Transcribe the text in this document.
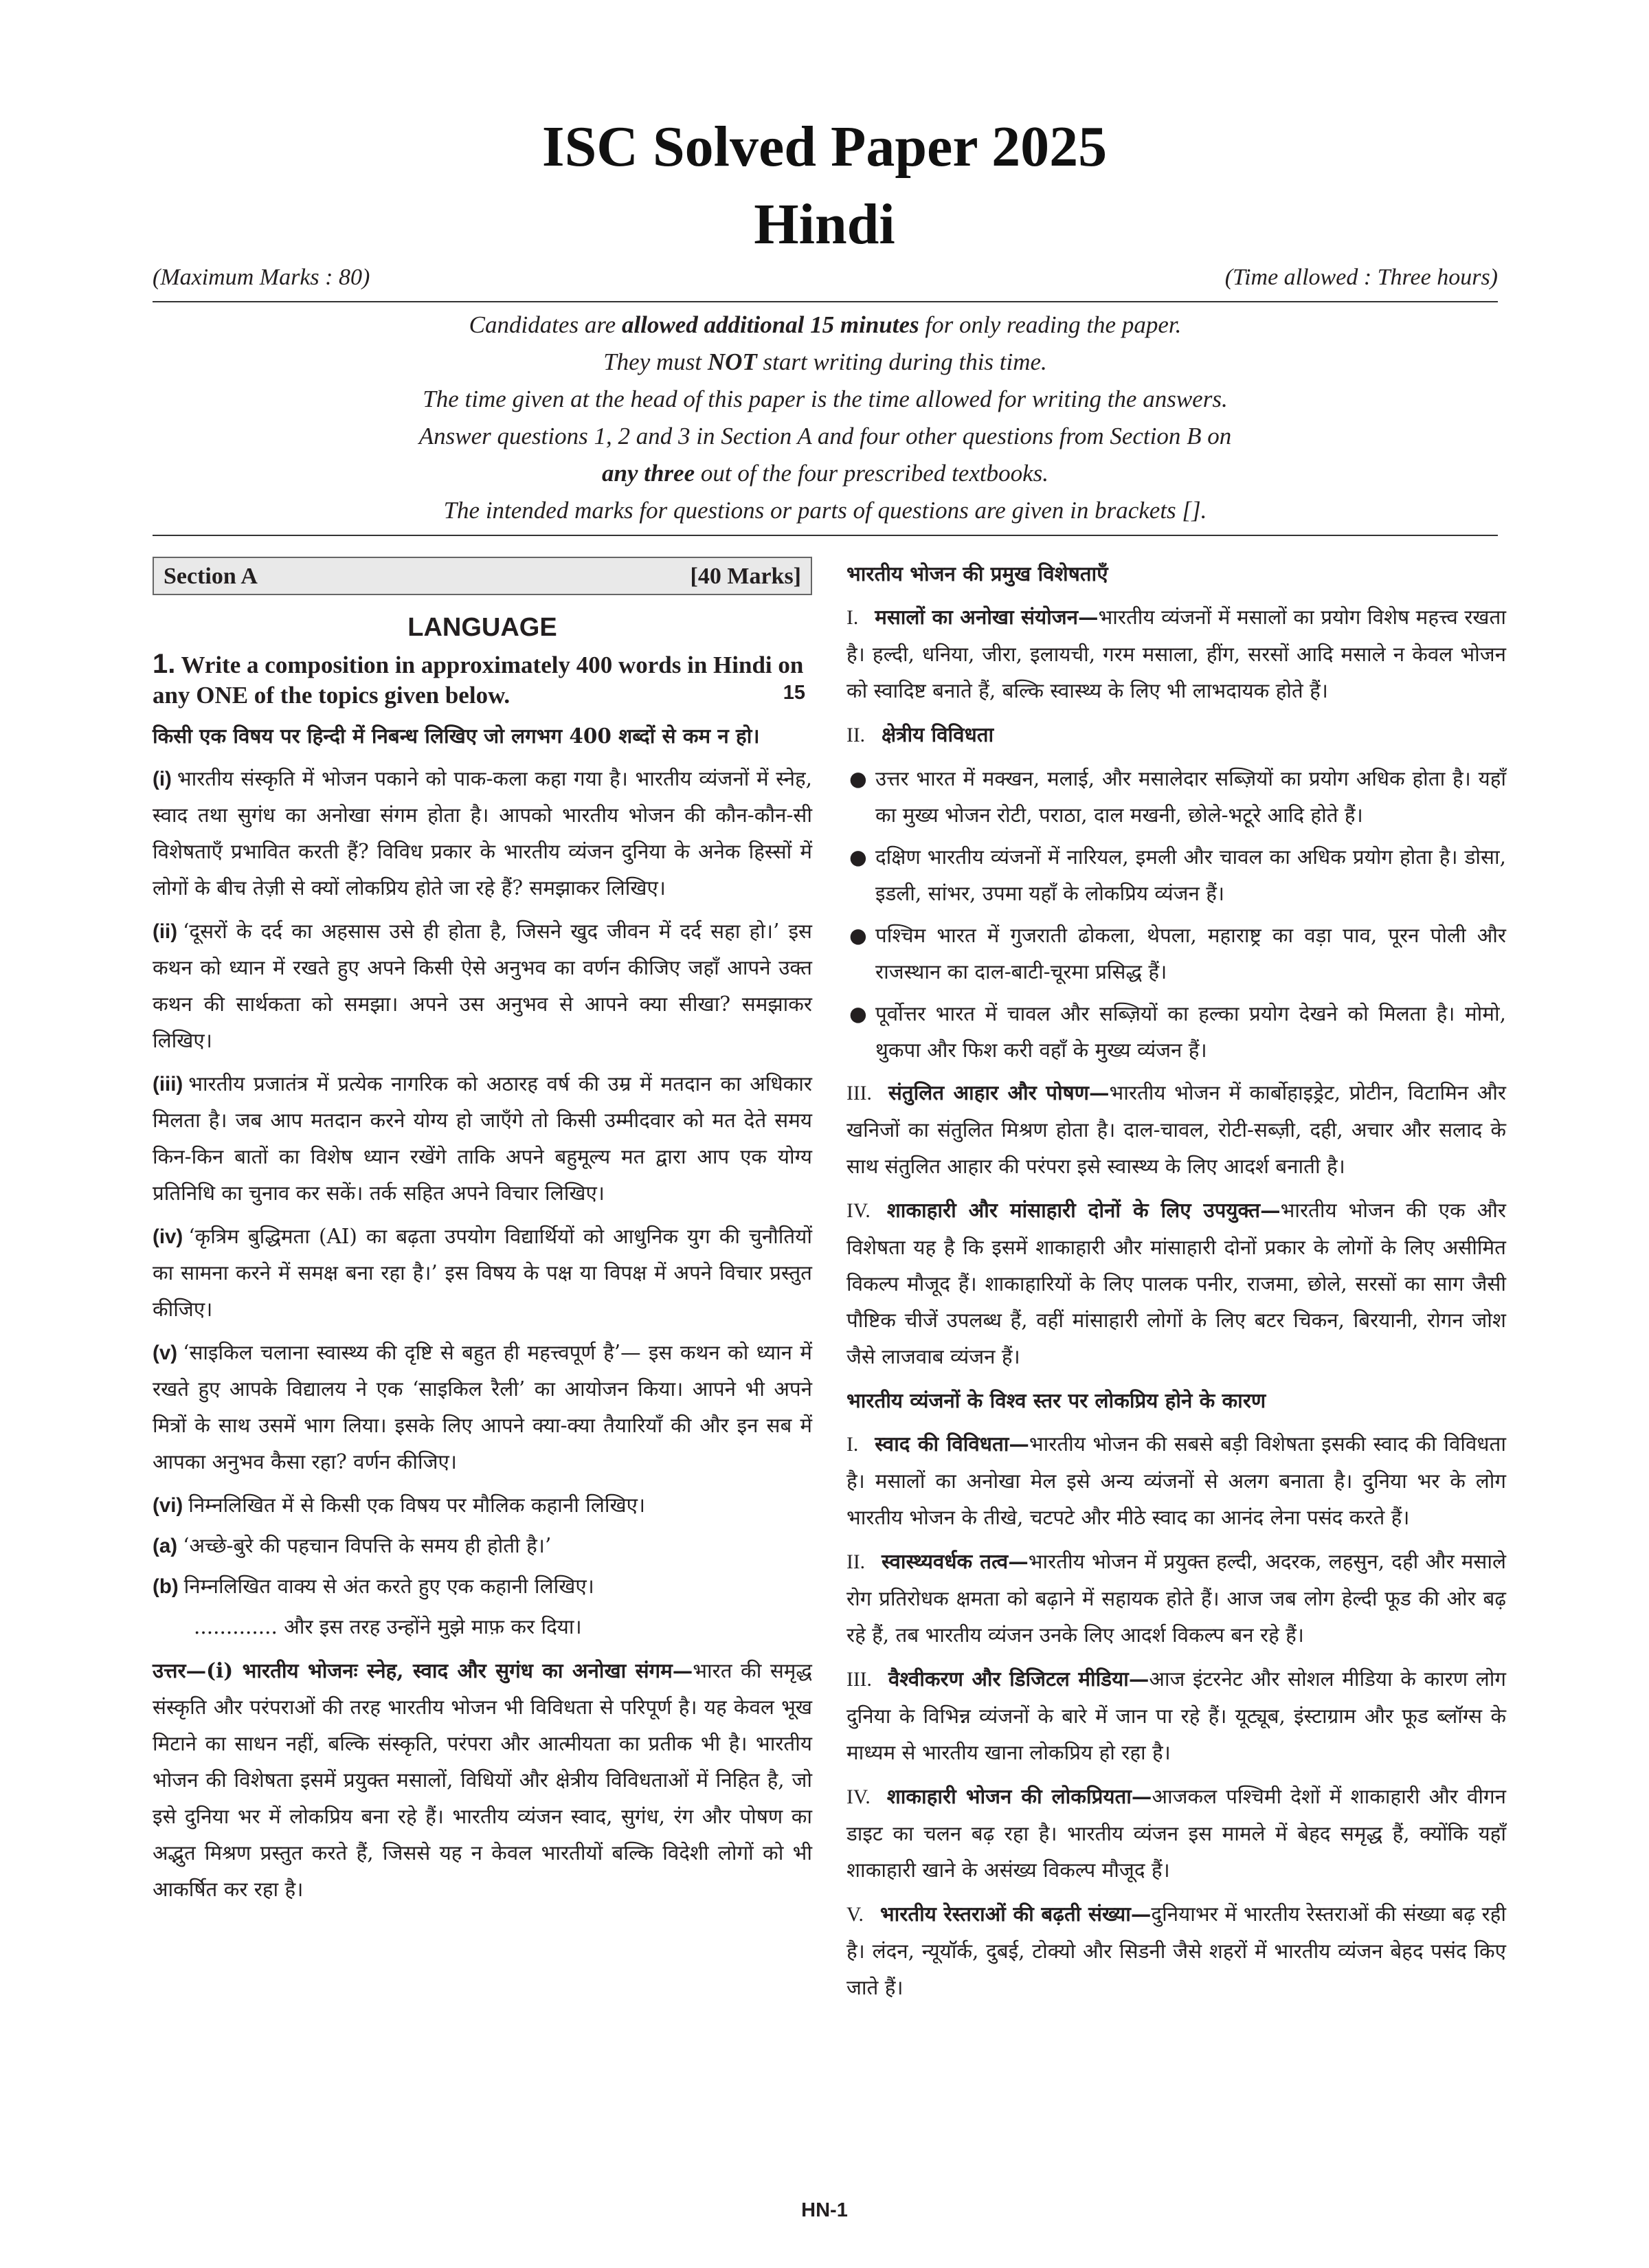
ISC Solved Paper 2025
Hindi
(Maximum Marks : 80)	(Time allowed : Three hours)
Candidates are allowed additional 15 minutes for only reading the paper.
They must NOT start writing during this time.
The time given at the head of this paper is the time allowed for writing the answers.
Answer questions 1, 2 and 3 in Section A and four other questions from Section B on
any three out of the four prescribed textbooks.
The intended marks for questions or parts of questions are given in brackets [].
Section A	[40 Marks]
LANGUAGE
1. Write a composition in approximately 400 words in Hindi on any ONE of the topics given below.	15

किसी एक विषय पर हिन्दी में निबन्ध लिखिए जो लगभग 400 शब्दों से कम न हो।

(i) भारतीय संस्कृति में भोजन पकाने को पाक-कला कहा गया है। भारतीय व्यंजनों में स्नेह, स्वाद तथा सुगंध का अनोखा संगम होता है। आपको भारतीय भोजन की कौन-कौन-सी विशेषताएँ प्रभावित करती हैं? विविध प्रकार के भारतीय व्यंजन दुनिया के अनेक हिस्सों में लोगों के बीच तेज़ी से क्यों लोकप्रिय होते जा रहे हैं? समझाकर लिखिए।

(ii) ‘दूसरों के दर्द का अहसास उसे ही होता है, जिसने खुद जीवन में दर्द सहा हो।’ इस कथन को ध्यान में रखते हुए अपने किसी ऐसे अनुभव का वर्णन कीजिए जहाँ आपने उक्त कथन की सार्थकता को समझा। अपने उस अनुभव से आपने क्या सीखा? समझाकर लिखिए।

(iii) भारतीय प्रजातंत्र में प्रत्येक नागरिक को अठारह वर्ष की उम्र में मतदान का अधिकार मिलता है। जब आप मतदान करने योग्य हो जाएँगे तो किसी उम्मीदवार को मत देते समय किन-किन बातों का विशेष ध्यान रखेंगे ताकि अपने बहुमूल्य मत द्वारा आप एक योग्य प्रतिनिधि का चुनाव कर सकें। तर्क सहित अपने विचार लिखिए।

(iv) ‘कृत्रिम बुद्धिमता (AI) का बढ़ता उपयोग विद्यार्थियों को आधुनिक युग की चुनौतियों का सामना करने में समक्ष बना रहा है।’ इस विषय के पक्ष या विपक्ष में अपने विचार प्रस्तुत कीजिए।

(v) ‘साइकिल चलाना स्वास्थ्य की दृष्टि से बहुत ही महत्त्वपूर्ण है’— इस कथन को ध्यान में रखते हुए आपके विद्यालय ने एक ‘साइकिल रैली’ का आयोजन किया। आपने भी अपने मित्रों के साथ उसमें भाग लिया। इसके लिए आपने क्या-क्या तैयारियाँ की और इन सब में आपका अनुभव कैसा रहा? वर्णन कीजिए।

(vi) निम्नलिखित में से किसी एक विषय पर मौलिक कहानी लिखिए।

(a) ‘अच्छे-बुरे की पहचान विपत्ति के समय ही होती है।’

(b) निम्नलिखित वाक्य से अंत करते हुए एक कहानी लिखिए।

............. और इस तरह उन्होंने मुझे माफ़ कर दिया।

उत्तर—(i) भारतीय भोजनः स्नेह, स्वाद और सुगंध का अनोखा संगम—भारत की समृद्ध संस्कृति और परंपराओं की तरह भारतीय भोजन भी विविधता से परिपूर्ण है। यह केवल भूख मिटाने का साधन नहीं, बल्कि संस्कृति, परंपरा और आत्मीयता का प्रतीक भी है। भारतीय भोजन की विशेषता इसमें प्रयुक्त मसालों, विधियों और क्षेत्रीय विविधताओं में निहित है, जो इसे दुनिया भर में लोकप्रिय बना रहे हैं। भारतीय व्यंजन स्वाद, सुगंध, रंग और पोषण का अद्भुत मिश्रण प्रस्तुत करते हैं, जिससे यह न केवल भारतीयों बल्कि विदेशी लोगों को भी आकर्षित कर रहा है।

भारतीय भोजन की प्रमुख विशेषताएँ

I. मसालों का अनोखा संयोजन—भारतीय व्यंजनों में मसालों का प्रयोग विशेष महत्त्व रखता है। हल्दी, धनिया, जीरा, इलायची, गरम मसाला, हींग, सरसों आदि मसाले न केवल भोजन को स्वादिष्ट बनाते हैं, बल्कि स्वास्थ्य के लिए भी लाभदायक होते हैं।

II. क्षेत्रीय विविधता

● उत्तर भारत में मक्खन, मलाई, और मसालेदार सब्ज़ियों का प्रयोग अधिक होता है। यहाँ का मुख्य भोजन रोटी, पराठा, दाल मखनी, छोले-भटूरे आदि होते हैं।
● दक्षिण भारतीय व्यंजनों में नारियल, इमली और चावल का अधिक प्रयोग होता है। डोसा, इडली, सांभर, उपमा यहाँ के लोकप्रिय व्यंजन हैं।
● पश्चिम भारत में गुजराती ढोकला, थेपला, महाराष्ट्र का वड़ा पाव, पूरन पोली और राजस्थान का दाल-बाटी-चूरमा प्रसिद्ध हैं।
● पूर्वोत्तर भारत में चावल और सब्ज़ियों का हल्का प्रयोग देखने को मिलता है। मोमो, थुकपा और फिश करी वहाँ के मुख्य व्यंजन हैं।

III. संतुलित आहार और पोषण—भारतीय भोजन में कार्बोहाइड्रेट, प्रोटीन, विटामिन और खनिजों का संतुलित मिश्रण होता है। दाल-चावल, रोटी-सब्ज़ी, दही, अचार और सलाद के साथ संतुलित आहार की परंपरा इसे स्वास्थ्य के लिए आदर्श बनाती है।

IV. शाकाहारी और मांसाहारी दोनों के लिए उपयुक्त—भारतीय भोजन की एक और विशेषता यह है कि इसमें शाकाहारी और मांसाहारी दोनों प्रकार के लोगों के लिए असीमित विकल्प मौजूद हैं। शाकाहारियों के लिए पालक पनीर, राजमा, छोले, सरसों का साग जैसी पौष्टिक चीजें उपलब्ध हैं, वहीं मांसाहारी लोगों के लिए बटर चिकन, बिरयानी, रोगन जोश जैसे लाजवाब व्यंजन हैं।

भारतीय व्यंजनों के विश्व स्तर पर लोकप्रिय होने के कारण

I. स्वाद की विविधता—भारतीय भोजन की सबसे बड़ी विशेषता इसकी स्वाद की विविधता है। मसालों का अनोखा मेल इसे अन्य व्यंजनों से अलग बनाता है। दुनिया भर के लोग भारतीय भोजन के तीखे, चटपटे और मीठे स्वाद का आनंद लेना पसंद करते हैं।

II. स्वास्थ्यवर्धक तत्व—भारतीय भोजन में प्रयुक्त हल्दी, अदरक, लहसुन, दही और मसाले रोग प्रतिरोधक क्षमता को बढ़ाने में सहायक होते हैं। आज जब लोग हेल्दी फूड की ओर बढ़ रहे हैं, तब भारतीय व्यंजन उनके लिए आदर्श विकल्प बन रहे हैं।

III. वैश्वीकरण और डिजिटल मीडिया—आज इंटरनेट और सोशल मीडिया के कारण लोग दुनिया के विभिन्न व्यंजनों के बारे में जान पा रहे हैं। यूट्यूब, इंस्टाग्राम और फूड ब्लॉग्स के माध्यम से भारतीय खाना लोकप्रिय हो रहा है।

IV. शाकाहारी भोजन की लोकप्रियता—आजकल पश्चिमी देशों में शाकाहारी और वीगन डाइट का चलन बढ़ रहा है। भारतीय व्यंजन इस मामले में बेहद समृद्ध हैं, क्योंकि यहाँ शाकाहारी खाने के असंख्य विकल्प मौजूद हैं।

V. भारतीय रेस्तराओं की बढ़ती संख्या—दुनियाभर में भारतीय रेस्तराओं की संख्या बढ़ रही है। लंदन, न्यूयॉर्क, दुबई, टोक्यो और सिडनी जैसे शहरों में भारतीय व्यंजन बेहद पसंद किए जाते हैं।

HN-1
